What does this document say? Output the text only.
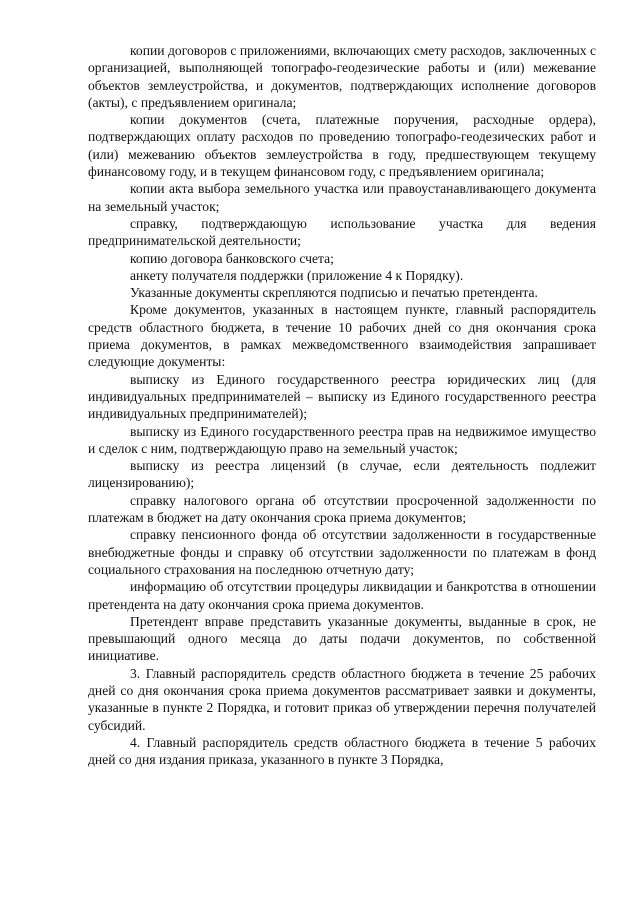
копии договоров с приложениями, включающих смету расходов, заключенных с организацией, выполняющей топографо-геодезические работы и (или) межевание объектов землеустройства, и документов, подтверждающих исполнение договоров (акты), с предъявлением оригинала;

копии документов (счета, платежные поручения, расходные ордера), подтверждающих оплату расходов по проведению топографо-геодезических работ и (или) межеванию объектов землеустройства в году, предшествующем текущему финансовому году, и в текущем финансовом году, с предъявлением оригинала;

копии акта выбора земельного участка или правоустанавливающего документа на земельный участок;

справку, подтверждающую использование участка для ведения предпринимательской деятельности;

копию договора банковского счета;

анкету получателя поддержки (приложение 4 к Порядку).

Указанные документы скрепляются подписью и печатью претендента.

Кроме документов, указанных в настоящем пункте, главный распорядитель средств областного бюджета, в течение 10 рабочих дней со дня окончания срока приема документов, в рамках межведомственного взаимодействия запрашивает следующие документы:

выписку из Единого государственного реестра юридических лиц (для индивидуальных предпринимателей – выписку из Единого государственного реестра индивидуальных предпринимателей);

выписку из Единого государственного реестра прав на недвижимое имущество и сделок с ним, подтверждающую право на земельный участок;

выписку из реестра лицензий (в случае, если деятельность подлежит лицензированию);

справку налогового органа об отсутствии просроченной задолженности по платежам в бюджет на дату окончания срока приема документов;

справку пенсионного фонда об отсутствии задолженности в государственные внебюджетные фонды и справку об отсутствии задолженности по платежам в фонд социального страхования на последнюю отчетную дату;

информацию об отсутствии процедуры ликвидации и банкротства в отношении претендента на дату окончания срока приема документов.

Претендент вправе представить указанные документы, выданные в срок, не превышающий одного месяца до даты подачи документов, по собственной инициативе.

3. Главный распорядитель средств областного бюджета в течение 25 рабочих дней со дня окончания срока приема документов рассматривает заявки и документы, указанные в пункте 2 Порядка, и готовит приказ об утверждении перечня получателей субсидий.

4. Главный распорядитель средств областного бюджета в течение 5 рабочих дней со дня издания приказа, указанного в пункте 3 Порядка,
